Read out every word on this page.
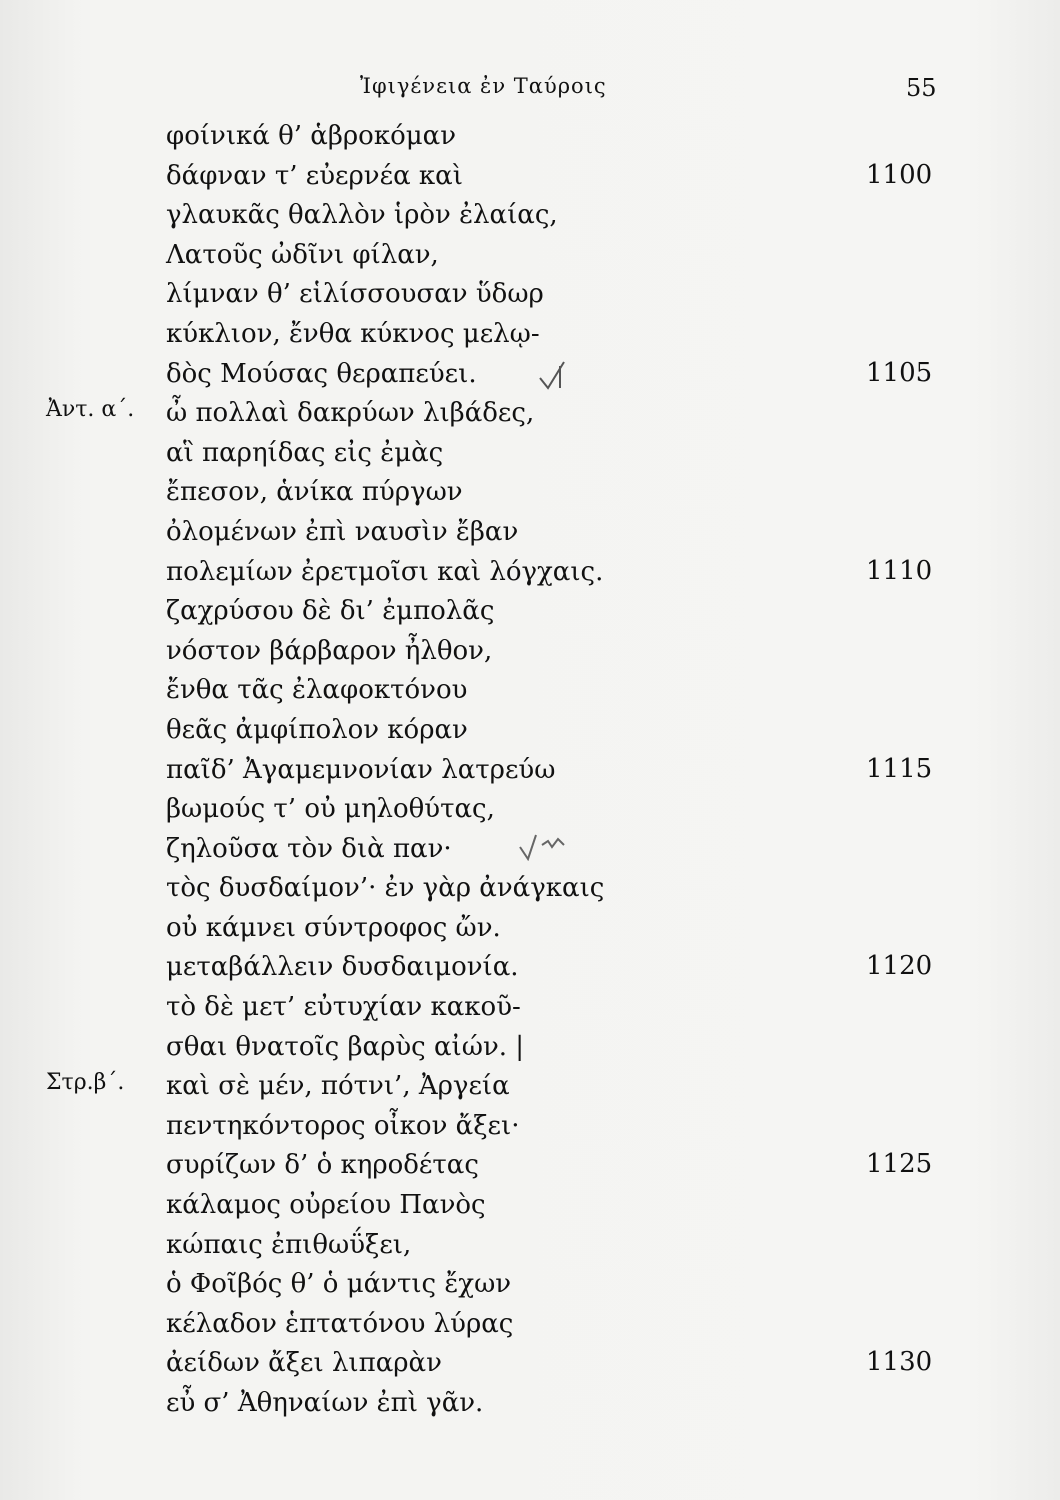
Ἰφιγένεια ἐν Ταύροις	55
φοίνικά θ’ ἁβροκόμαν
δάφναν τ’ εὐερνέα καὶ	1100
γλαυκᾶς θαλλὸν ἱρὸν ἐλαίας,
Λατοῦς ὠδῖνι φίλαν,
λίμναν θ’ εἱλίσσουσαν ὕδωρ
κύκλιον, ἔνθα κύκνος μελῳ-
δὸς Μούσας θεραπεύει.	1105
Ἀντ. α΄. ὦ πολλαὶ δακρύων λιβάδες,
αἳ παρηίδας εἰς ἐμὰς
ἔπεσον, ἁνίκα πύργων
ὀλομένων ἐπὶ ναυσὶν ἔβαν
πολεμίων ἐρετμοῖσι καὶ λόγχαις.	1110
ζαχρύσου δὲ δι’ ἐμπολᾶς
νόστον βάρβαρον ἦλθον,
ἔνθα τᾶς ἐλαφοκτόνου
θεᾶς ἀμφίπολον κόραν
παῖδ’ Ἀγαμεμνονίαν λατρεύω	1115
βωμούς τ’ οὐ μηλοθύτας,
ζηλοῦσα τὸν διὰ παν·
τὸς δυσδαίμον’· ἐν γὰρ ἀνάγκαις
οὐ κάμνει σύντροφος ὤν.
μεταβάλλειν δυσδαιμονία.	1120
τὸ δὲ μετ’ εὐτυχίαν κακοῦ-
σθαι θνατοῖς βαρὺς αἰών. |
Στρ.β΄. καὶ σὲ μέν, πότνι’, Ἀργεία
πεντηκόντορος οἶκον ἄξει·
συρίζων δ’ ὁ κηροδέτας	1125
κάλαμος οὐρείου Πανὸς
κώπαις ἐπιθωΰξει,
ὁ Φοῖβός θ’ ὁ μάντις ἔχων
κέλαδον ἑπτατόνου λύρας
ἀείδων ἄξει λιπαρὰν	1130
εὖ σ’ Ἀθηναίων ἐπὶ γᾶν.
